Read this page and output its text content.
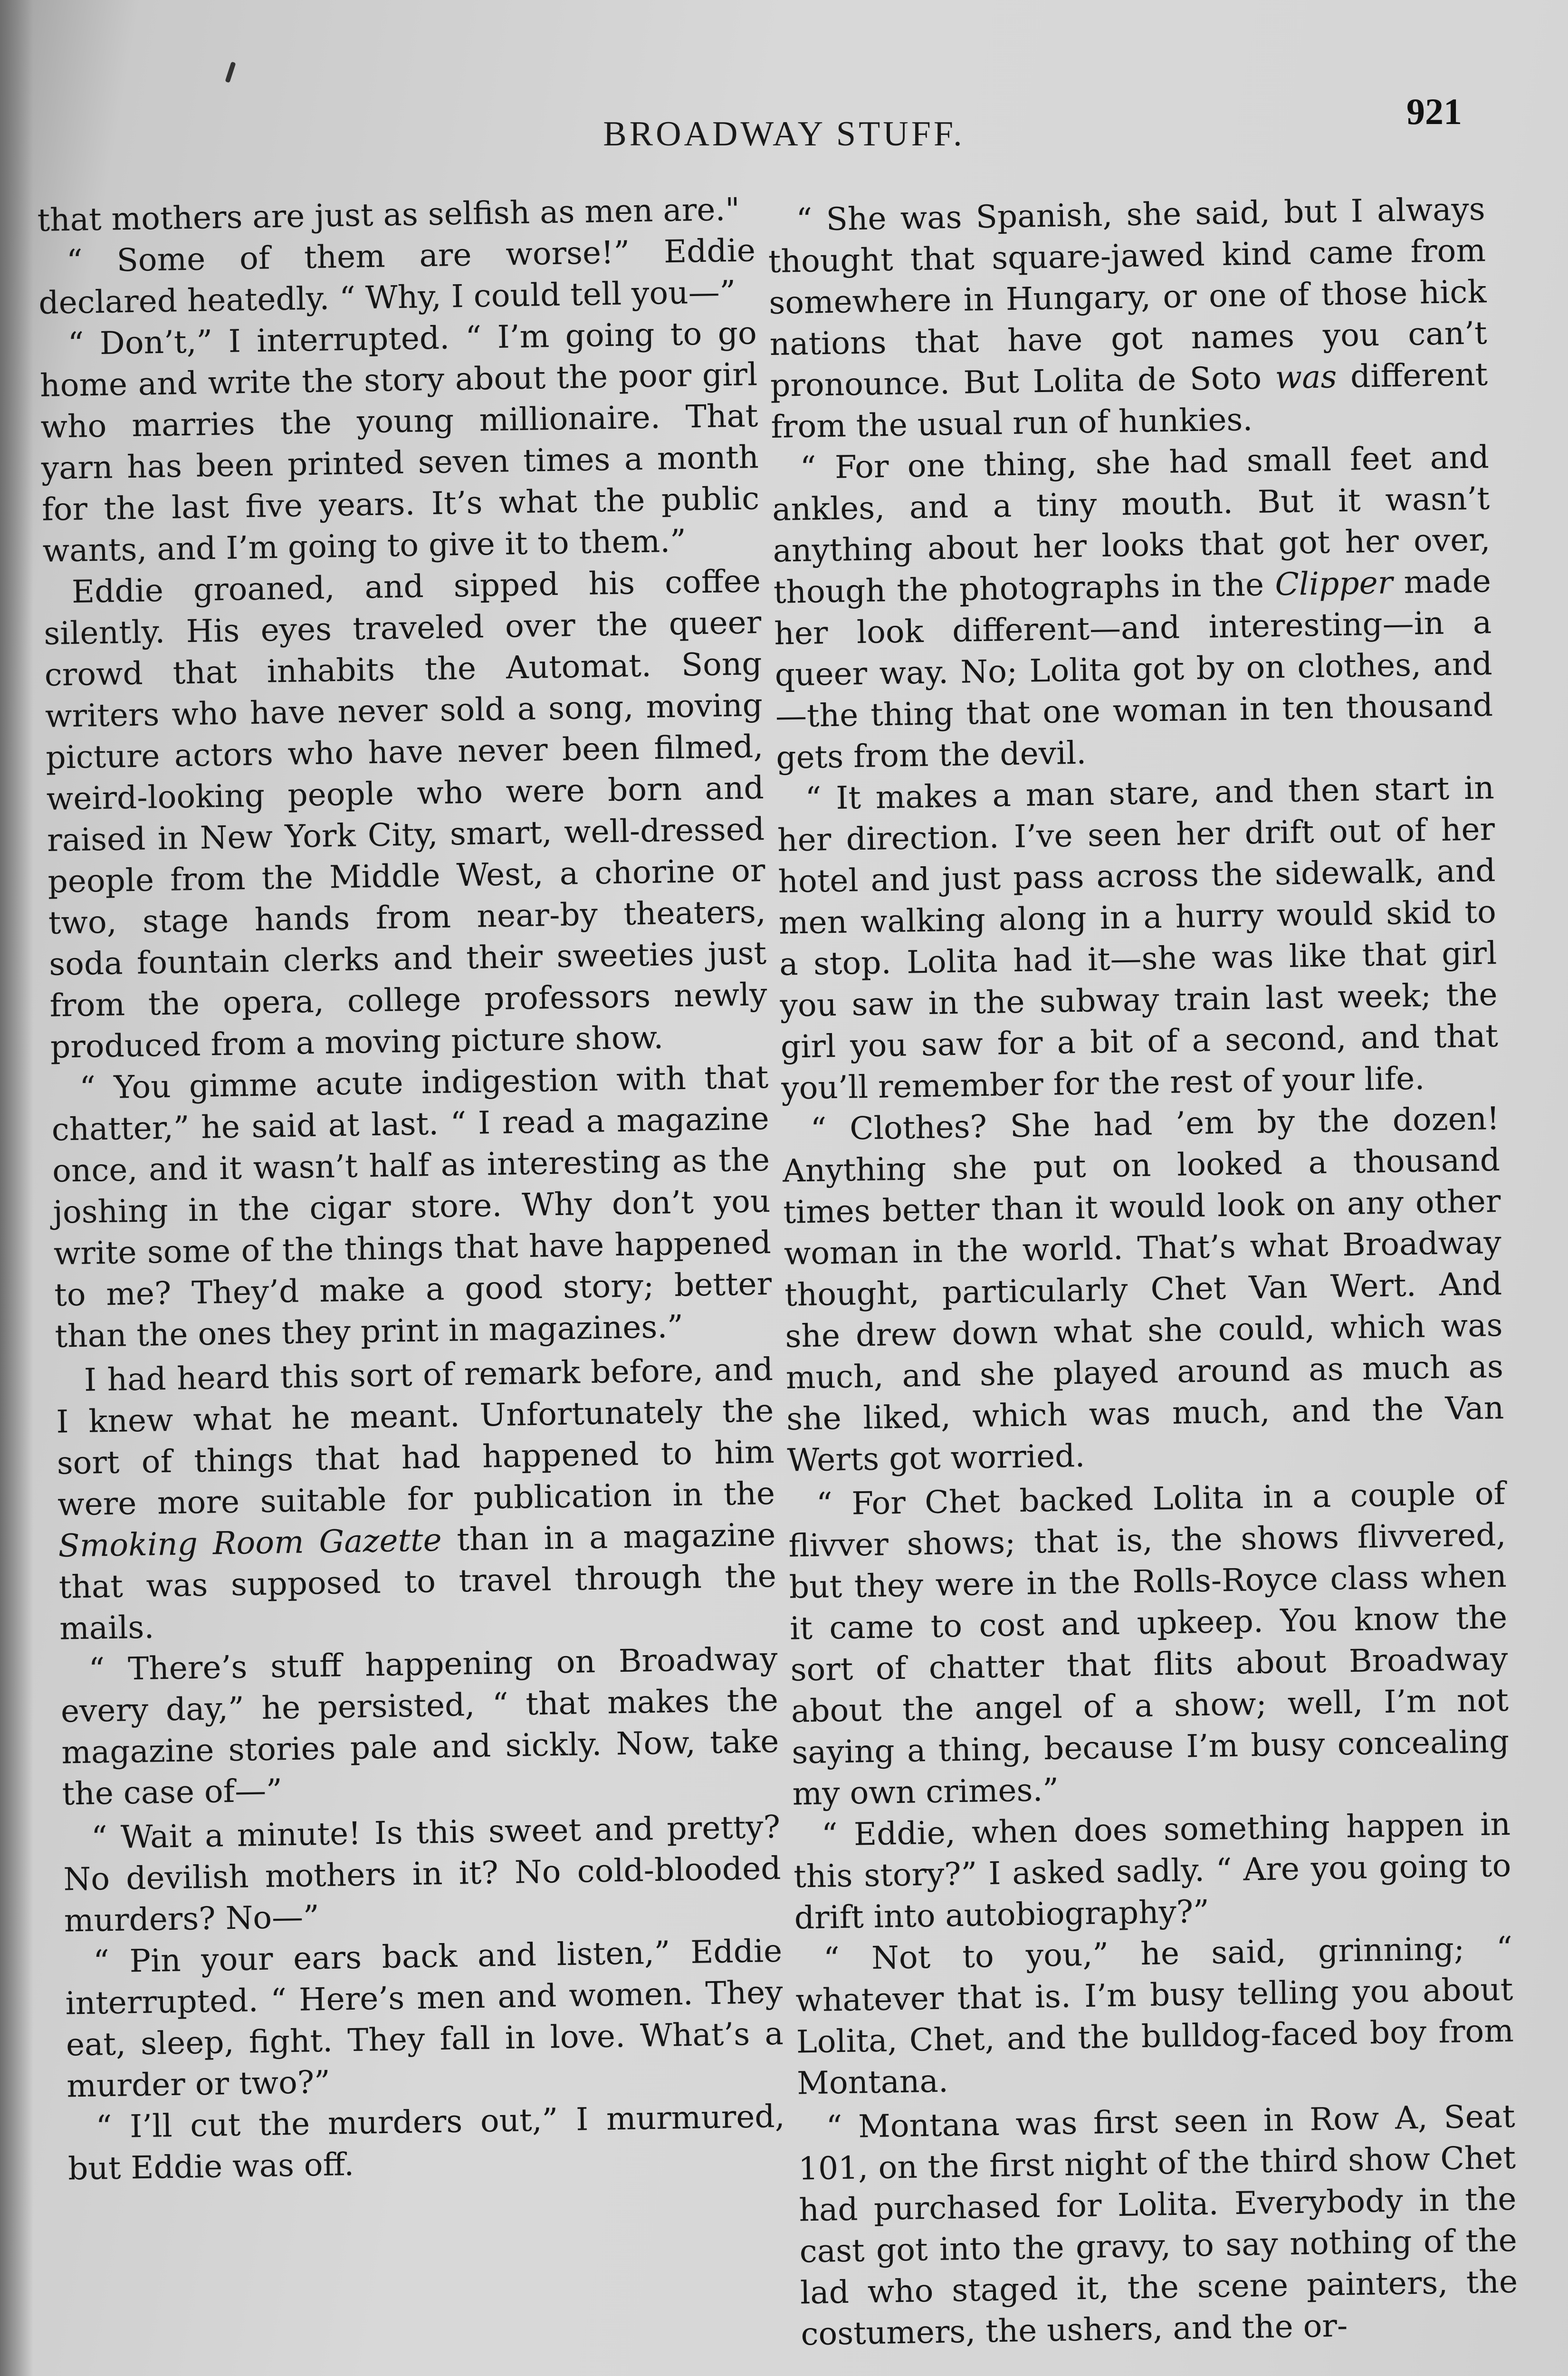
BROADWAY STUFF.
921

that mothers are just as selfish as men are."

“ Some of them are worse!” Eddie declared heatedly. “ Why, I could tell you—”

“ Don’t,” I interrupted. “ I’m going to go home and write the story about the poor girl who marries the young millionaire. That yarn has been printed seven times a month for the last five years. It’s what the public wants, and I’m going to give it to them.”

Eddie groaned, and sipped his coffee silently. His eyes traveled over the queer crowd that inhabits the Automat. Song writers who have never sold a song, moving picture actors who have never been filmed, weird-looking people who were born and raised in New York City, smart, well-dressed people from the Middle West, a chorine or two, stage hands from near-by theaters, soda fountain clerks and their sweeties just from the opera, college professors newly produced from a moving picture show.

“ You gimme acute indigestion with that chatter,” he said at last. “ I read a magazine once, and it wasn’t half as interesting as the joshing in the cigar store. Why don’t you write some of the things that have happened to me? They’d make a good story; better than the ones they print in magazines.”

I had heard this sort of remark before, and I knew what he meant. Unfortunately the sort of things that had happened to him were more suitable for publication in the Smoking Room Gazette than in a magazine that was supposed to travel through the mails.

“ There’s stuff happening on Broadway every day,” he persisted, “ that makes the magazine stories pale and sickly. Now, take the case of—”

“ Wait a minute! Is this sweet and pretty? No devilish mothers in it? No cold-blooded murders? No—”

“ Pin your ears back and listen,” Eddie interrupted. “ Here’s men and women. They eat, sleep, fight. They fall in love. What’s a murder or two?”

“ I’ll cut the murders out,” I murmured, but Eddie was off.

“ She was Spanish, she said, but I always thought that square-jawed kind came from somewhere in Hungary, or one of those hick nations that have got names you can’t pronounce. But Lolita de Soto was different from the usual run of hunkies.

“ For one thing, she had small feet and ankles, and a tiny mouth. But it wasn’t anything about her looks that got her over, though the photographs in the Clipper made her look different—and interesting—in a queer way. No; Lolita got by on clothes, and—the thing that one woman in ten thousand gets from the devil.

“ It makes a man stare, and then start in her direction. I’ve seen her drift out of her hotel and just pass across the sidewalk, and men walking along in a hurry would skid to a stop. Lolita had it—she was like that girl you saw in the subway train last week; the girl you saw for a bit of a second, and that you’ll remember for the rest of your life.

“ Clothes? She had ’em by the dozen! Anything she put on looked a thousand times better than it would look on any other woman in the world. That’s what Broadway thought, particularly Chet Van Wert. And she drew down what she could, which was much, and she played around as much as she liked, which was much, and the Van Werts got worried.

“ For Chet backed Lolita in a couple of flivver shows; that is, the shows flivvered, but they were in the Rolls-Royce class when it came to cost and upkeep. You know the sort of chatter that flits about Broadway about the angel of a show; well, I’m not saying a thing, because I’m busy concealing my own crimes.”

“ Eddie, when does something happen in this story?” I asked sadly. “ Are you going to drift into autobiography?”

“ Not to you,” he said, grinning; “ whatever that is. I’m busy telling you about Lolita, Chet, and the bulldog-faced boy from Montana.

“ Montana was first seen in Row A, Seat 101, on the first night of the third show Chet had purchased for Lolita. Everybody in the cast got into the gravy, to say nothing of the lad who staged it, the scene painters, the costumers, the ushers, and the or-
